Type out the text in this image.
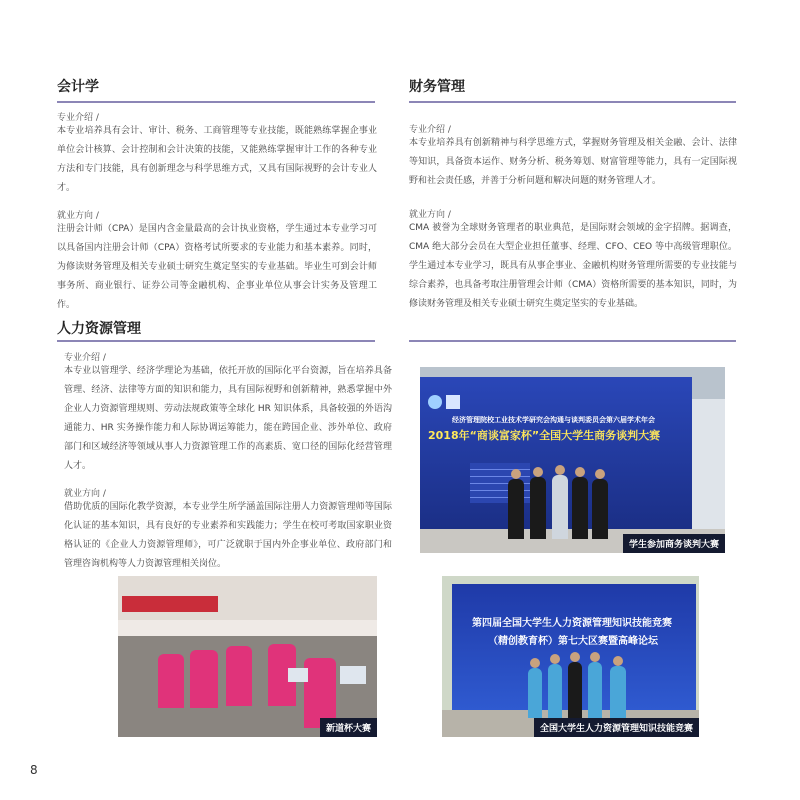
会计学
专业介绍 /

本专业培养具有会计、审计、税务、工商管理等专业技能，既能熟练掌握企事业单位会计核算、会计控制和会计决策的技能，又能熟练掌握审计工作的各种专业方法和专门技能，具有创新理念与科学思维方式，又具有国际视野的会计专业人才。

就业方向 /

注册会计师（CPA）是国内含金量最高的会计执业资格，学生通过本专业学习可以具备国内注册会计师（CPA）资格考试所要求的专业能力和基本素养。同时，为修读财务管理及相关专业硕士研究生奠定坚实的专业基础。毕业生可到会计师事务所、商业银行、证券公司等金融机构、企事业单位从事会计实务及管理工作。

财务管理
专业介绍 /

本专业培养具有创新精神与科学思维方式，掌握财务管理及相关金融、会计、法律等知识，具备资本运作、财务分析、税务筹划、财富管理等能力，具有一定国际视野和社会责任感，并善于分析问题和解决问题的财务管理人才。

就业方向 /

CMA 被誉为全球财务管理者的职业典范，是国际财会领域的金字招牌。据调查，CMA 绝大部分会员在大型企业担任董事、经理、CFO、CEO 等中高级管理职位。学生通过本专业学习，既具有从事企事业、金融机构财务管理所需要的专业技能与综合素养，也具备考取注册管理会计师（CMA）资格所需要的基本知识，同时，为修读财务管理及相关专业硕士研究生奠定坚实的专业基础。

人力资源管理
专业介绍 /

本专业以管理学、经济学理论为基础，依托开放的国际化平台资源，旨在培养具备管理、经济、法律等方面的知识和能力，具有国际视野和创新精神，熟悉掌握中外企业人力资源管理规则、劳动法规政策等全球化 HR 知识体系，具备较强的外语沟通能力、HR 实务操作能力和人际协调运筹能力，能在跨国企业、涉外单位、政府部门和区域经济等领域从事人力资源管理工作的高素质、宽口径的国际化经营管理人才。

就业方向 /

借助优质的国际化教学资源，本专业学生所学涵盖国际注册人力资源管理师等国际化认证的基本知识，具有良好的专业素养和实践能力；学生在校可考取国家职业资格认证的《企业人力资源管理师》，可广泛就职于国内外企事业单位、政府部门和管理咨询机构等人力资源管理相关岗位。

经济管理院校工业技术学研究会沟通与谈判委员会第六届学术年会
2018年“商谈富家杯”全国大学生商务谈判大赛
学生参加商务谈判大赛
新道杯大赛
第四届全国大学生人力资源管理知识技能竞赛
（精创教育杯）第七大区赛暨高峰论坛
全国大学生人力资源管理知识技能竞赛
8
